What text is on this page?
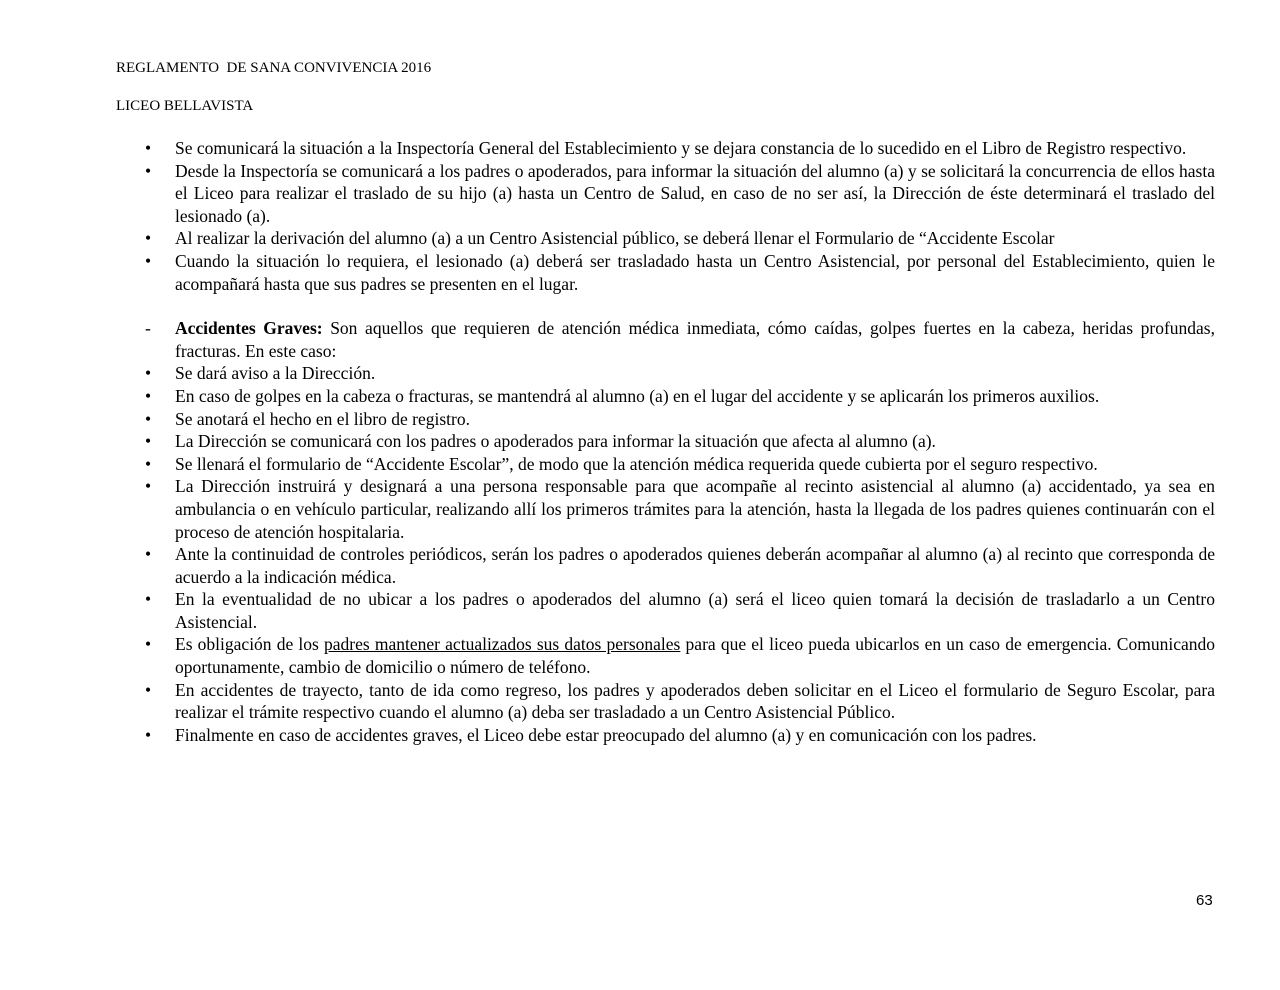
REGLAMENTO  DE SANA CONVIVENCIA 2016
LICEO BELLAVISTA
• Se comunicará la situación a la Inspectoría General del Establecimiento y se dejara constancia de lo sucedido en el Libro de Registro respectivo.
• Desde la Inspectoría se comunicará a los padres o apoderados, para informar la situación del alumno (a) y se solicitará la concurrencia de ellos hasta el Liceo para realizar el traslado de su hijo (a) hasta un Centro de Salud, en caso de no ser así, la Dirección de éste determinará el traslado del lesionado (a).
• Al realizar la derivación del alumno (a) a un Centro Asistencial público, se deberá llenar el Formulario de “Accidente Escolar
• Cuando la situación lo requiera, el lesionado (a) deberá ser trasladado hasta un Centro Asistencial, por personal del Establecimiento, quien le acompañará hasta que sus padres se presenten en el lugar.
- Accidentes Graves: Son aquellos que requieren de atención médica inmediata, cómo caídas, golpes fuertes en la cabeza, heridas profundas, fracturas. En este caso:
• Se dará aviso a la Dirección.
• En caso de golpes en la cabeza o fracturas, se mantendrá al alumno (a) en el lugar del accidente y se aplicarán los primeros auxilios.
• Se anotará el hecho en el libro de registro.
• La Dirección se comunicará con los padres o apoderados para informar la situación que afecta al alumno (a).
• Se llenará el formulario de “Accidente Escolar”, de modo que la atención médica requerida quede cubierta por el seguro respectivo.
• La Dirección instruirá y designará a una persona responsable para que acompañe al recinto asistencial al alumno (a) accidentado, ya sea en ambulancia o en vehículo particular, realizando allí los primeros trámites para la atención, hasta la llegada de los padres quienes continuarán con el proceso de atención hospitalaria.
• Ante la continuidad de controles periódicos, serán los padres o apoderados quienes deberán acompañar al alumno (a) al recinto que corresponda de acuerdo a la indicación médica.
• En la eventualidad de no ubicar a los padres o apoderados del alumno (a) será el liceo quien tomará la decisión de trasladarlo a un Centro Asistencial.
• Es obligación de los padres mantener actualizados sus datos personales para que el liceo pueda ubicarlos en un caso de emergencia. Comunicando oportunamente, cambio de domicilio o número de teléfono.
• En accidentes de trayecto, tanto de ida como regreso, los padres y apoderados deben solicitar en el Liceo el formulario de Seguro Escolar, para realizar el trámite respectivo cuando el alumno (a) deba ser trasladado a un Centro Asistencial Público.
• Finalmente en caso de accidentes graves, el Liceo debe estar preocupado del alumno (a) y en comunicación con los padres.
63
